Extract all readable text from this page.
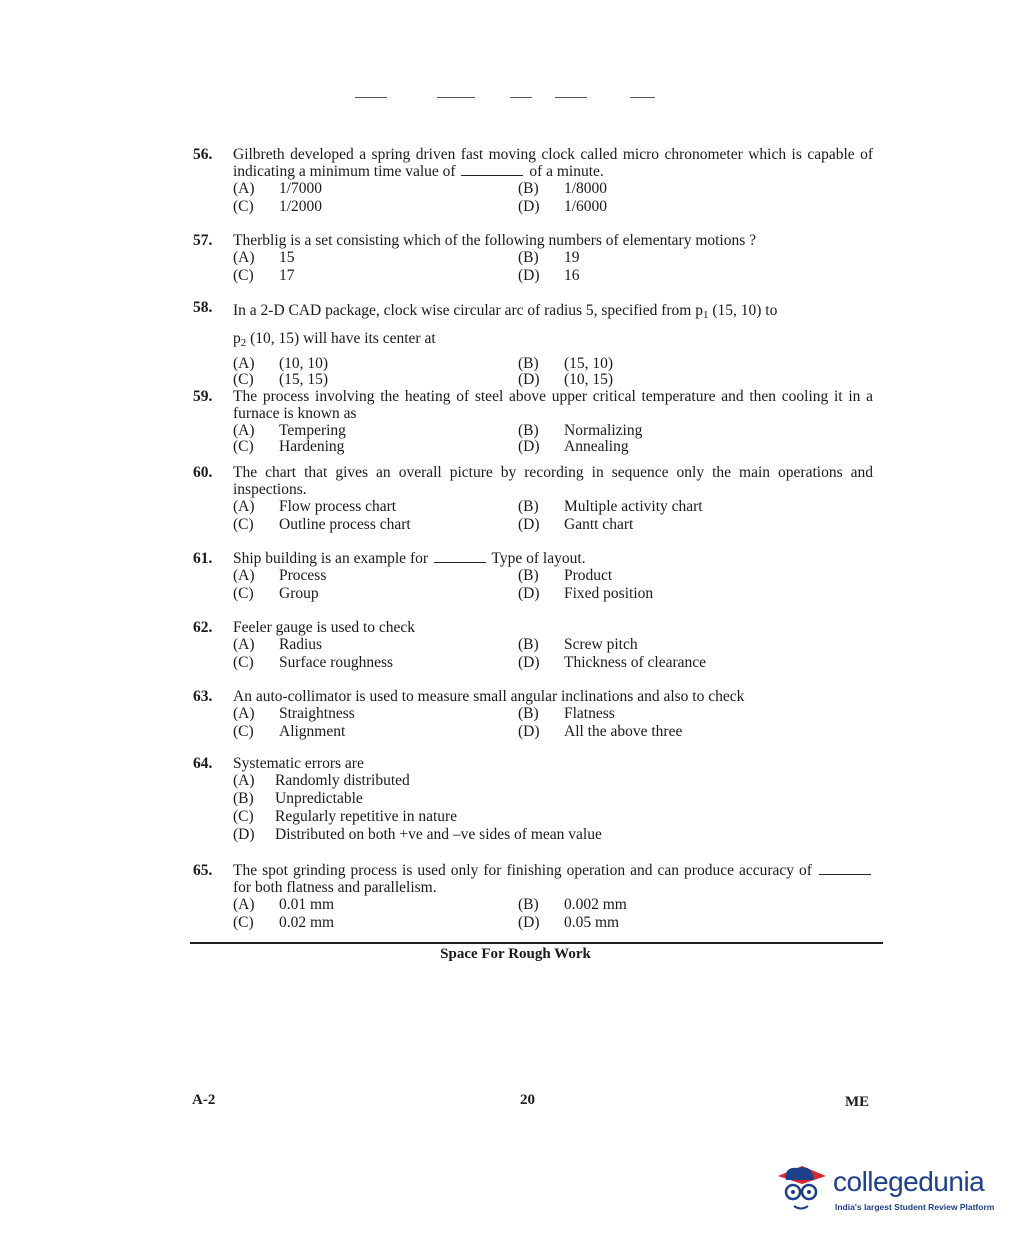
56. Gilbreth developed a spring driven fast moving clock called micro chronometer which is capable of indicating a minimum time value of	of a minute.
(A) 1/7000	(B) 1/8000
(C) 1/2000	(D) 1/6000
57. Therblig is a set consisting which of the following numbers of elementary motions ?
(A) 15	(B) 19
(C) 17	(D) 16
58. In a 2-D CAD package, clock wise circular arc of radius 5, specified from $p_1$ (15, 10) to
$p_2$ (10, 15) will have its center at
(A) (10, 10)	(B) (15, 10)
(C) (15, 15)	(D) (10, 15)
59. The process involving the heating of steel above upper critical temperature and then cooling it in a furnace is known as
(A) Tempering	(B) Normalizing
(C) Hardening	(D) Annealing
60. The chart that gives an overall picture by recording in sequence only the main operations and inspections.
(A) Flow process chart	(B) Multiple activity chart
(C) Outline process chart	(D) Gantt chart
61. Ship building is an example for	Type of layout.
(A) Process	(B) Product
(C) Group	(D) Fixed position
62. Feeler gauge is used to check
(A) Radius	(B) Screw pitch
(C) Surface roughness	(D) Thickness of clearance
63. An auto-collimator is used to measure small angular inclinations and also to check
(A) Straightness	(B) Flatness
(C) Alignment	(D) All the above three
64. Systematic errors are
(A) Randomly distributed
(B) Unpredictable
(C) Regularly repetitive in nature
(D) Distributed on both +ve and –ve sides of mean value
65. The spot grinding process is used only for finishing operation and can produce accuracy of  for both flatness and parallelism.
(A) 0.01 mm	(B) 0.002 mm
(C) 0.02 mm	(D) 0.05 mm
Space For Rough Work
A-2	20	ME
collegedunia
India's largest Student Review Platform
